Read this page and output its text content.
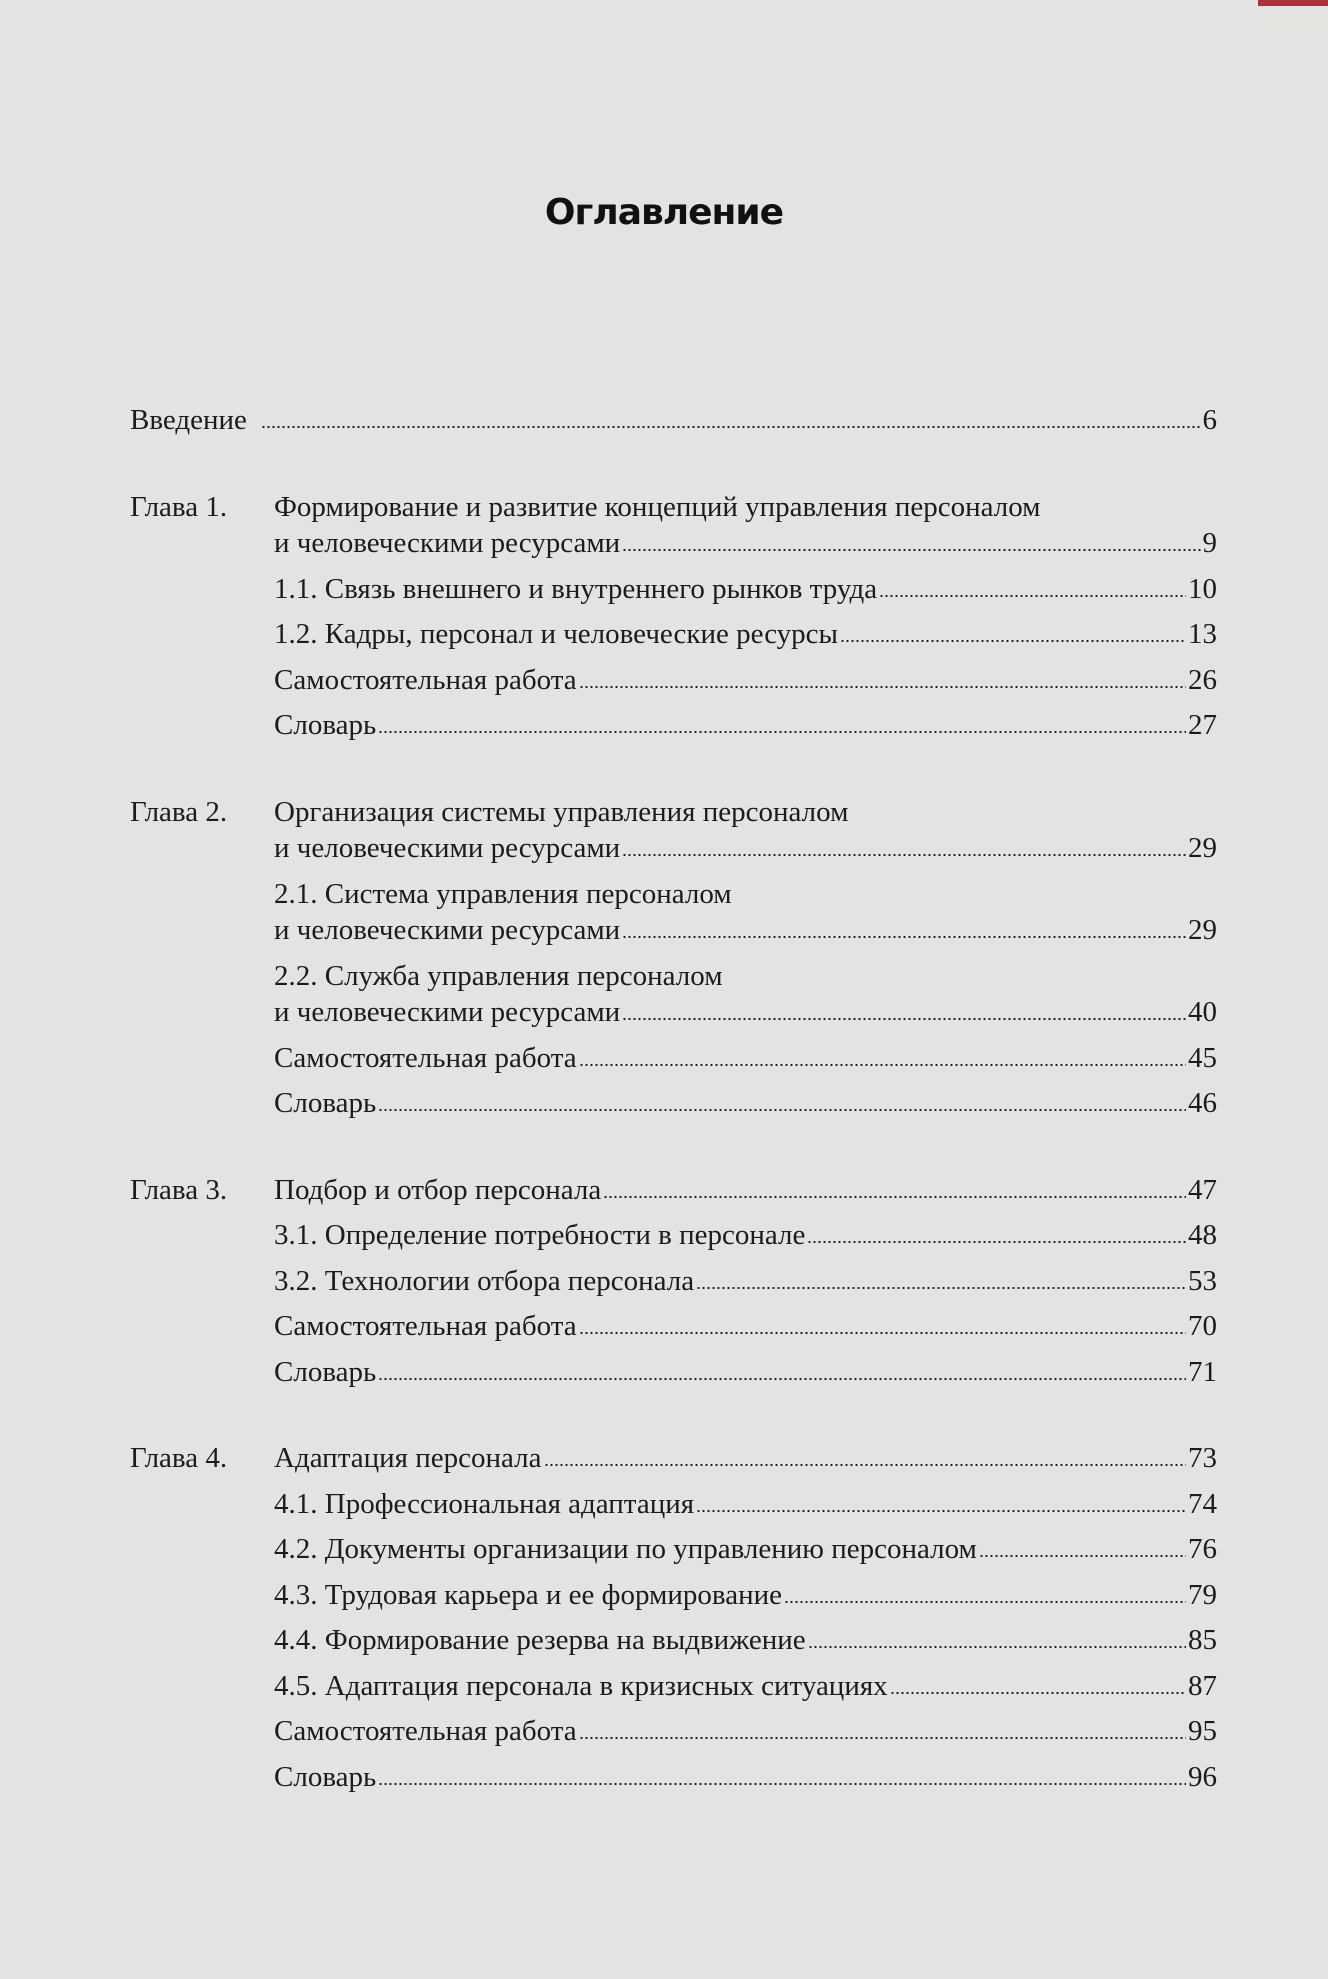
Оглавление
Введение	6
Глава 1.	Формирование и развитие концепций управления персоналом
и человеческими ресурсами	9
1.1. Связь внешнего и внутреннего рынков труда	10
1.2. Кадры, персонал и человеческие ресурсы	13
Самостоятельная работа	26
Словарь	27
Глава 2.	Организация системы управления персоналом
и человеческими ресурсами	29
2.1. Система управления персоналом
и человеческими ресурсами	29
2.2. Служба управления персоналом
и человеческими ресурсами	40
Самостоятельная работа	45
Словарь	46
Глава 3.	Подбор и отбор персонала	47
3.1. Определение потребности в персонале	48
3.2. Технологии отбора персонала	53
Самостоятельная работа	70
Словарь	71
Глава 4.	Адаптация персонала	73
4.1. Профессиональная адаптация	74
4.2. Документы организации по управлению персоналом	76
4.3. Трудовая карьера и ее формирование	79
4.4. Формирование резерва на выдвижение	85
4.5. Адаптация персонала в кризисных ситуациях	87
Самостоятельная работа	95
Словарь	96
